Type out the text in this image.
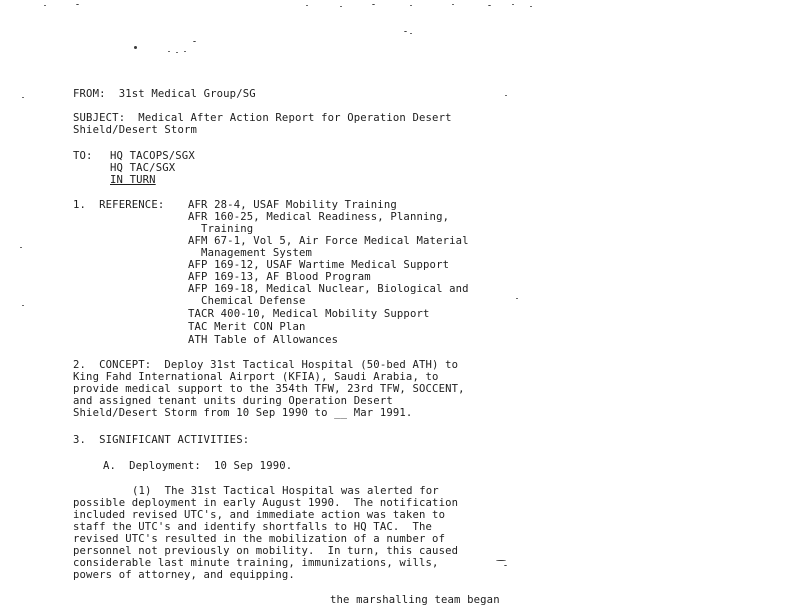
FROM: 31st Medical Group/SG
SUBJECT: Medical After Action Report for Operation Desert
Shield/Desert Storm
TO: HQ TACOPS/SGX
HQ TAC/SGX
IN TURN
1.  REFERENCE: AFR 28-4, USAF Mobility Training
AFR 160-25, Medical Readiness, Planning,
Training
AFM 67-1, Vol 5, Air Force Medical Material
Management System
AFP 169-12, USAF Wartime Medical Support
AFP 169-13, AF Blood Program
AFP 169-18, Medical Nuclear, Biological and
Chemical Defense
TACR 400-10, Medical Mobility Support
TAC Merit CON Plan
ATH Table of Allowances
2.  CONCEPT:  Deploy 31st Tactical Hospital (50-bed ATH) to
King Fahd International Airport (KFIA), Saudi Arabia, to
provide medical support to the 354th TFW, 23rd TFW, SOCCENT,
and assigned tenant units during Operation Desert
Shield/Desert Storm from 10 Sep 1990 to __ Mar 1991.
3.  SIGNIFICANT ACTIVITIES:
A.  Deployment:  10 Sep 1990.
(1)  The 31st Tactical Hospital was alerted for
possible deployment in early August 1990.  The notification
included revised UTC's, and immediate action was taken to
staff the UTC's and identify shortfalls to HQ TAC.  The
revised UTC's resulted in the mobilization of a number of
personnel not previously on mobility.  In turn, this caused
considerable last minute training, immunizations, wills,
powers of attorney, and equipping.
the marshalling team began
